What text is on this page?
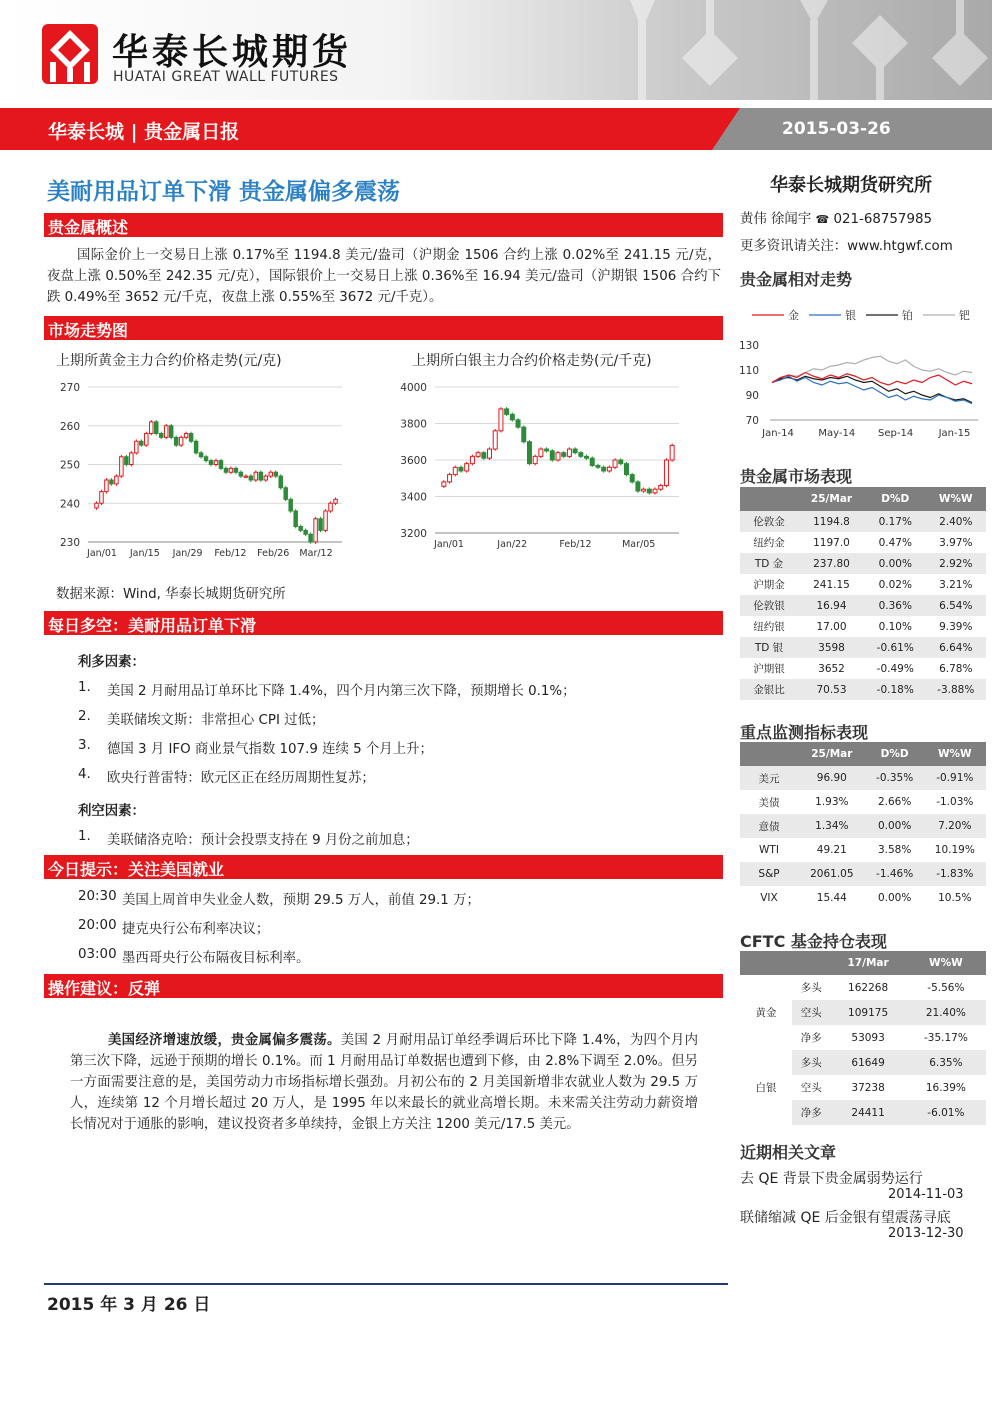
华泰长城期货
HUATAI GREAT WALL FUTURES
华泰长城 | 贵金属日报	2015-03-26
美耐用品订单下滑 贵金属偏多震荡
贵金属概述
国际金价上一交易日上涨 0.17%至 1194.8 美元/盎司（沪期金 1506 合约上涨 0.02%至 241.15 元/克，夜盘上涨 0.50%至 242.35 元/克），国际银价上一交易日上涨 0.36%至 16.94 美元/盎司（沪期银 1506 合约下跌 0.49%至 3652 元/千克，夜盘上涨 0.55%至 3672 元/千克）。
市场走势图
上期所黄金主力合约价格走势(元/克)	上期所白银主力合约价格走势(元/千克)
230
240
250
260
270
Jan/01 Jan/15 Jan/29 Feb/12 Feb/26 Mar/12
3200
3400
3600
3800
4000
Jan/01	Jan/22	Feb/12	Mar/05
数据来源：Wind, 华泰长城期货研究所
每日多空：美耐用品订单下滑
利多因素：
利空因素：
今日提示：关注美国就业
操作建议：反弹
美国经济增速放缓，贵金属偏多震荡。美国 2 月耐用品订单经季调后环比下降 1.4%，为四个月内第三次下降，远逊于预期的增长 0.1%。而 1 月耐用品订单数据也遭到下修，由 2.8%下调至 2.0%。但另一方面需要注意的是，美国劳动力市场指标增长强劲。月初公布的 2 月美国新增非农就业人数为 29.5 万人，连续第 12 个月增长超过 20 万人，是 1995 年以来最长的就业高增长期。未来需关注劳动力薪资增长情况对于通胀的影响，建议投资者多单续持，金银上方关注 1200 美元/17.5 美元。
2015 年 3 月 26 日
华泰长城期货研究所
黄伟 徐闻宇 ☎ 021-68757985
更多资讯请关注：www.htgwf.com
贵金属相对走势
金	银	铂	钯
70
90
110
130
Jan-14 May-14 Sep-14	Jan-15
贵金属市场表现
	25/Mar	D%D	W%W
伦敦金	1194.8	0.17%	2.40%
纽约金	1197.0	0.47%	3.97%
TD 金	237.80	0.00%	2.92%
沪期金	241.15	0.02%	3.21%
伦敦银	16.94	0.36%	6.54%
纽约银	17.00	0.10%	9.39%
TD 银	3598	-0.61%	6.64%
沪期银	3652	-0.49%	6.78%
金银比	70.53	-0.18%	-3.88%
重点监测指标表现
	25/Mar	D%D	W%W
美元	96.90	-0.35%	-0.91%
美债	1.93%	2.66%	-1.03%
意债	1.34%	0.00%	7.20%
WTI	49.21	3.58%	10.19%
S&P	2061.05	-1.46%	-1.83%
VIX	15.44	0.00%	10.5%
CFTC 基金持仓表现
		17/Mar	W%W
黄金	多头	162268	-5.56%
	空头	109175	21.40%
	净多	53093	-35.17%
白银	多头	61649	6.35%
	空头	37238	16.39%
	净多	24411	-6.01%
近期相关文章
1. 美国 2 月耐用品订单环比下降 1.4%，四个月内第三次下降，预期增长 0.1%；
2. 美联储埃文斯：非常担心 CPI 过低；
3. 德国 3 月 IFO 商业景气指数 107.9 连续 5 个月上升；
4. 欧央行普雷特：欧元区正在经历周期性复苏；
1. 美联储洛克哈：预计会投票支持在 9 月份之前加息；
20:30 美国上周首申失业金人数，预期 29.5 万人，前值 29.1 万；
20:00 捷克央行公布利率决议；
03:00 墨西哥央行公布隔夜目标利率。
去 QE 背景下贵金属弱势运行
2014-11-03
联储缩减 QE 后金银有望震荡寻底
2013-12-30
